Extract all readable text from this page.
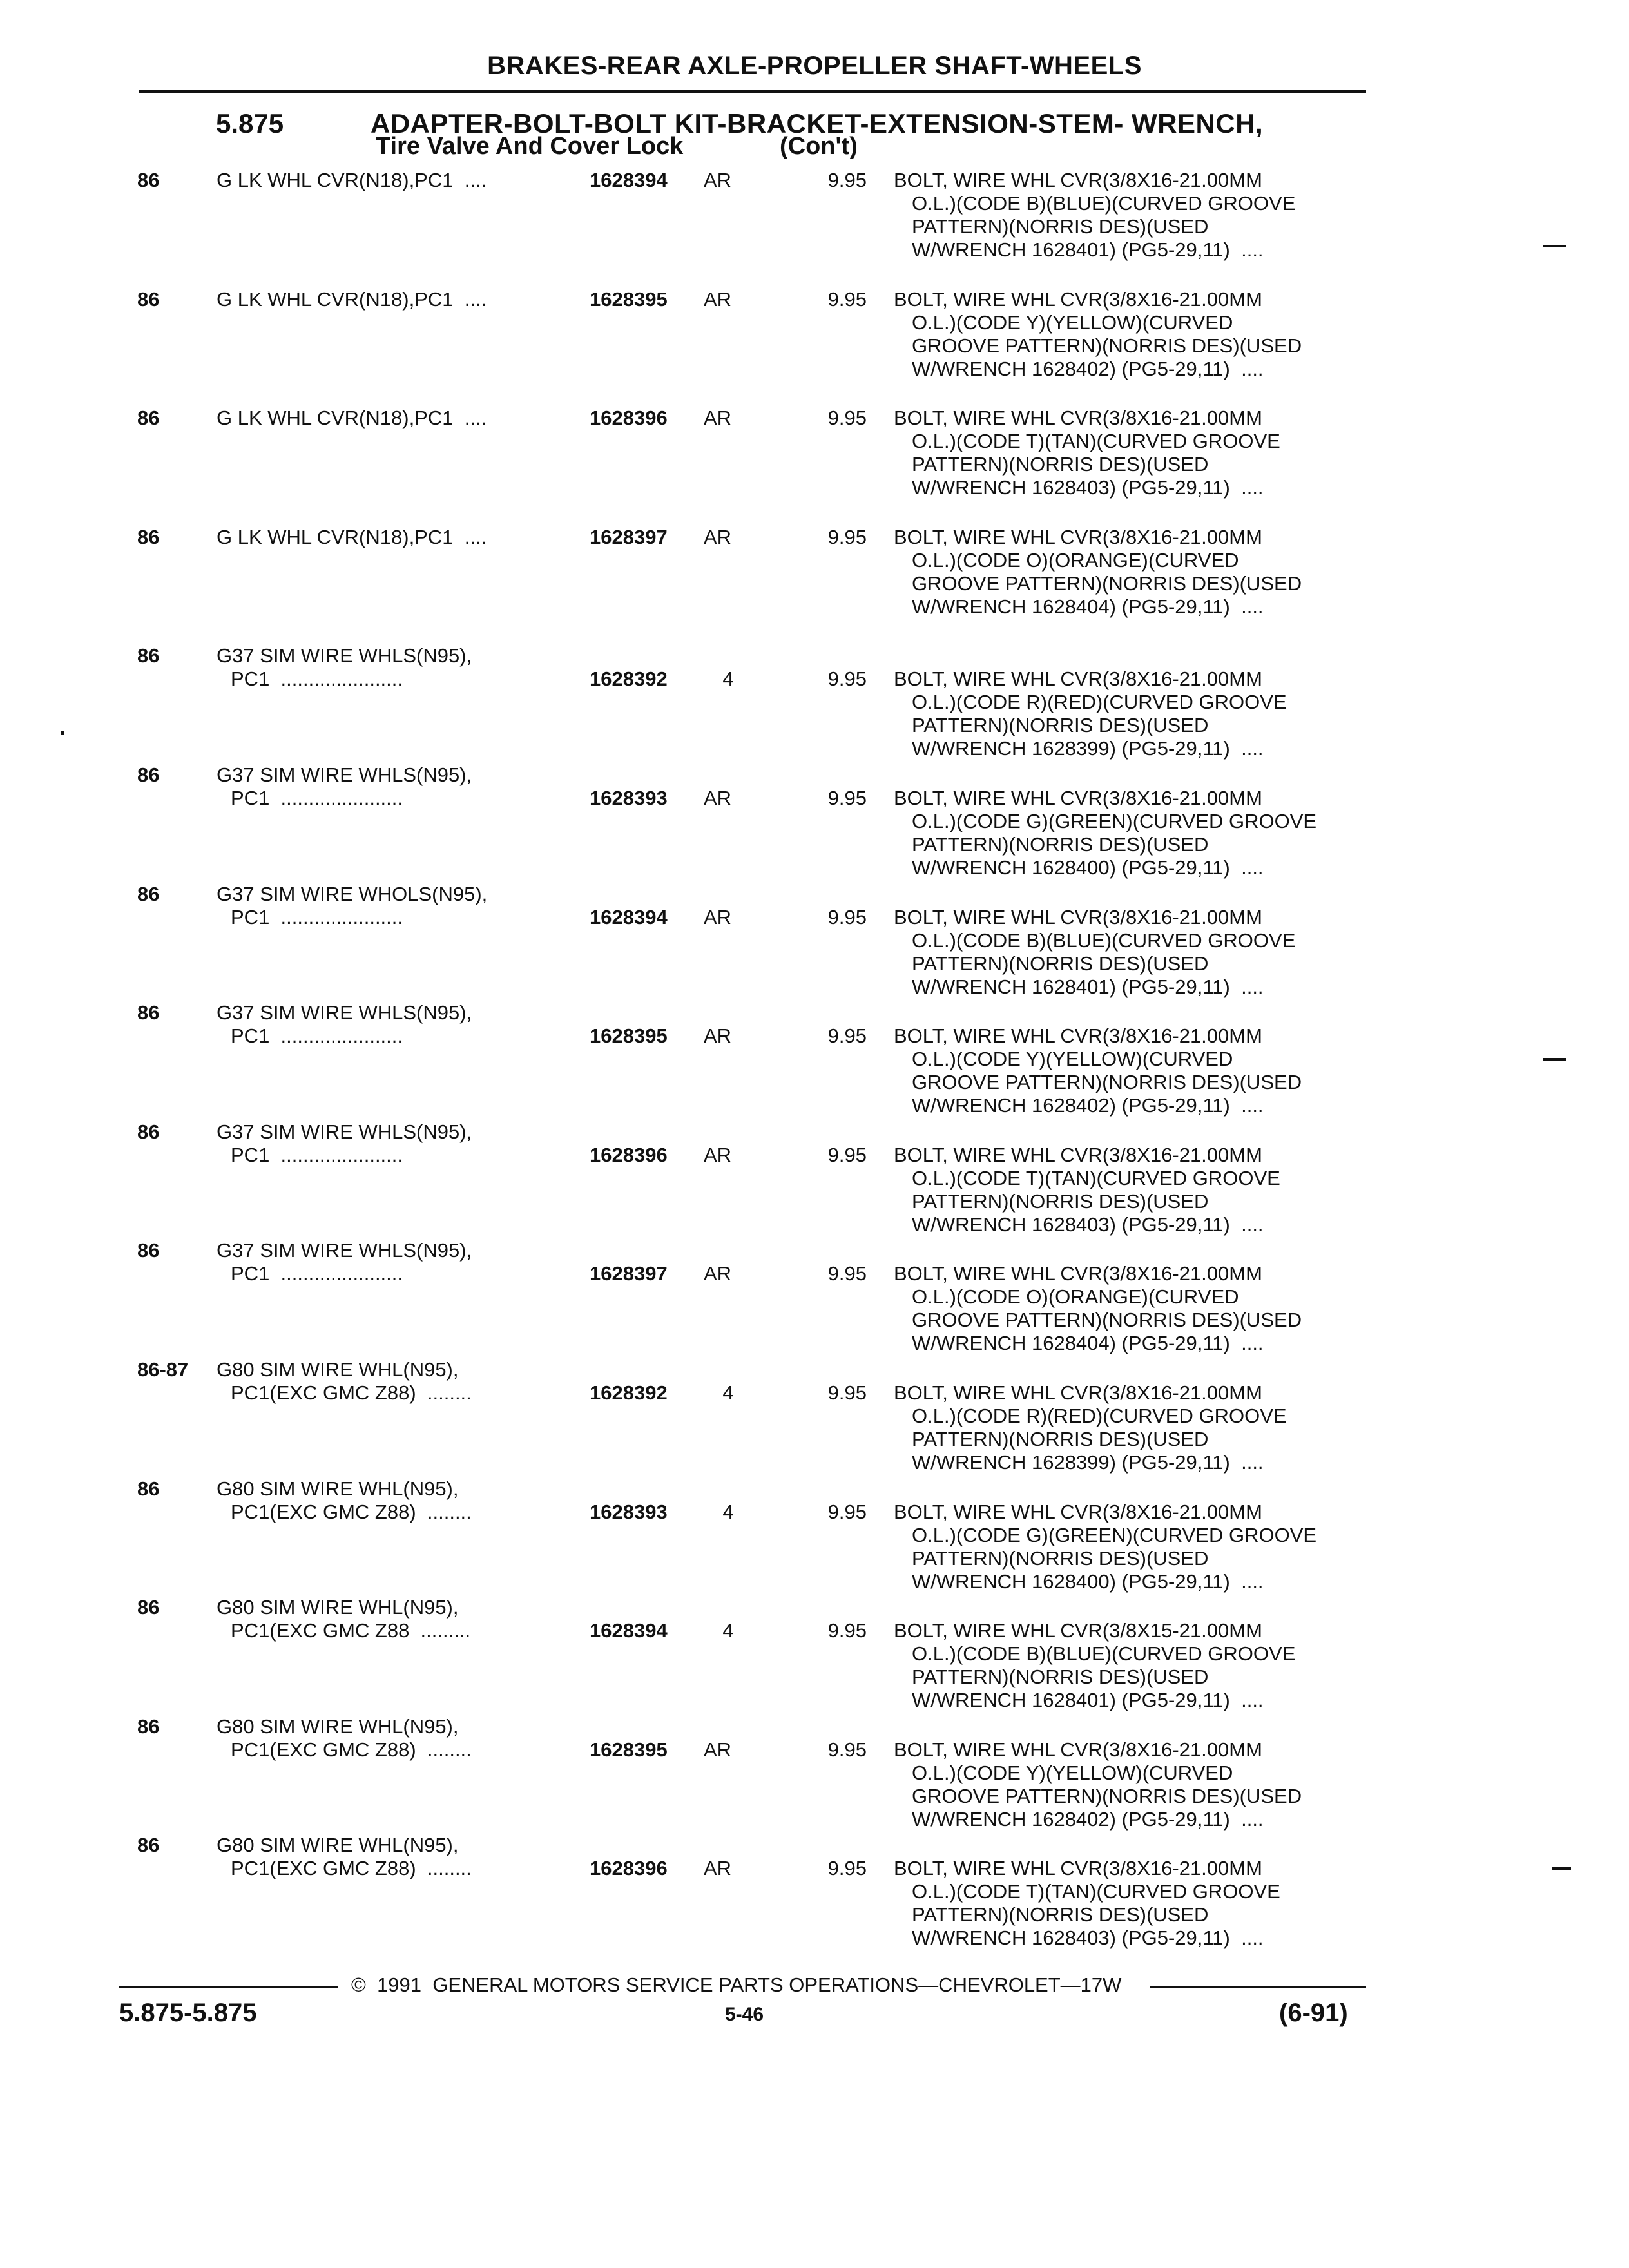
BRAKES-REAR AXLE-PROPELLER SHAFT-WHEELS
5.875	ADAPTER-BOLT-BOLT KIT-BRACKET-EXTENSION-STEM- WRENCH,
Tire Valve And Cover Lock	(Con't)
86	G LK WHL CVR(N18),PC1  ....	1628394 AR	9.95 BOLT, WIRE WHL CVR(3/8X16-21.00MM
O.L.)(CODE B)(BLUE)(CURVED GROOVE
PATTERN)(NORRIS DES)(USED
W/WRENCH 1628401) (PG5-29,11)  ....
86	G LK WHL CVR(N18),PC1  ....	1628395 AR	9.95 BOLT, WIRE WHL CVR(3/8X16-21.00MM
O.L.)(CODE Y)(YELLOW)(CURVED
GROOVE PATTERN)(NORRIS DES)(USED
W/WRENCH 1628402) (PG5-29,11)  ....
86	G LK WHL CVR(N18),PC1  ....	1628396 AR	9.95 BOLT, WIRE WHL CVR(3/8X16-21.00MM
O.L.)(CODE T)(TAN)(CURVED GROOVE
PATTERN)(NORRIS DES)(USED
W/WRENCH 1628403) (PG5-29,11)  ....
86	G LK WHL CVR(N18),PC1  ....	1628397 AR	9.95 BOLT, WIRE WHL CVR(3/8X16-21.00MM
O.L.)(CODE O)(ORANGE)(CURVED
GROOVE PATTERN)(NORRIS DES)(USED
W/WRENCH 1628404) (PG5-29,11)  ....
86	G37 SIM WIRE WHLS(N95),
PC1  ......................	1628392	4	9.95 BOLT, WIRE WHL CVR(3/8X16-21.00MM
O.L.)(CODE R)(RED)(CURVED GROOVE
PATTERN)(NORRIS DES)(USED
W/WRENCH 1628399) (PG5-29,11)  ....
86	G37 SIM WIRE WHLS(N95),
PC1  ......................	1628393 AR	9.95 BOLT, WIRE WHL CVR(3/8X16-21.00MM
O.L.)(CODE G)(GREEN)(CURVED GROOVE
PATTERN)(NORRIS DES)(USED
W/WRENCH 1628400) (PG5-29,11)  ....
86	G37 SIM WIRE WHOLS(N95),
PC1  ......................	1628394 AR	9.95 BOLT, WIRE WHL CVR(3/8X16-21.00MM
O.L.)(CODE B)(BLUE)(CURVED GROOVE
PATTERN)(NORRIS DES)(USED
W/WRENCH 1628401) (PG5-29,11)  ....
86	G37 SIM WIRE WHLS(N95),
PC1  ......................	1628395 AR	9.95 BOLT, WIRE WHL CVR(3/8X16-21.00MM
O.L.)(CODE Y)(YELLOW)(CURVED
GROOVE PATTERN)(NORRIS DES)(USED
W/WRENCH 1628402) (PG5-29,11)  ....
86	G37 SIM WIRE WHLS(N95),
PC1  ......................	1628396 AR	9.95 BOLT, WIRE WHL CVR(3/8X16-21.00MM
O.L.)(CODE T)(TAN)(CURVED GROOVE
PATTERN)(NORRIS DES)(USED
W/WRENCH 1628403) (PG5-29,11)  ....
86	G37 SIM WIRE WHLS(N95),
PC1  ......................	1628397 AR	9.95 BOLT, WIRE WHL CVR(3/8X16-21.00MM
O.L.)(CODE O)(ORANGE)(CURVED
GROOVE PATTERN)(NORRIS DES)(USED
W/WRENCH 1628404) (PG5-29,11)  ....
86-87 G80 SIM WIRE WHL(N95),
PC1(EXC GMC Z88)  ........	1628392	4	9.95 BOLT, WIRE WHL CVR(3/8X16-21.00MM
O.L.)(CODE R)(RED)(CURVED GROOVE
PATTERN)(NORRIS DES)(USED
W/WRENCH 1628399) (PG5-29,11)  ....
86	G80 SIM WIRE WHL(N95),
PC1(EXC GMC Z88)  ........	1628393	4	9.95 BOLT, WIRE WHL CVR(3/8X16-21.00MM
O.L.)(CODE G)(GREEN)(CURVED GROOVE
PATTERN)(NORRIS DES)(USED
W/WRENCH 1628400) (PG5-29,11)  ....
86	G80 SIM WIRE WHL(N95),
PC1(EXC GMC Z88  .........	1628394	4	9.95 BOLT, WIRE WHL CVR(3/8X15-21.00MM
O.L.)(CODE B)(BLUE)(CURVED GROOVE
PATTERN)(NORRIS DES)(USED
W/WRENCH 1628401) (PG5-29,11)  ....
86	G80 SIM WIRE WHL(N95),
PC1(EXC GMC Z88)  ........	1628395 AR	9.95 BOLT, WIRE WHL CVR(3/8X16-21.00MM
O.L.)(CODE Y)(YELLOW)(CURVED
GROOVE PATTERN)(NORRIS DES)(USED
W/WRENCH 1628402) (PG5-29,11)  ....
86	G80 SIM WIRE WHL(N95),
PC1(EXC GMC Z88)  ........	1628396 AR	9.95 BOLT, WIRE WHL CVR(3/8X16-21.00MM
O.L.)(CODE T)(TAN)(CURVED GROOVE
PATTERN)(NORRIS DES)(USED
W/WRENCH 1628403) (PG5-29,11)  ....
©  1991  GENERAL MOTORS SERVICE PARTS OPERATIONS—CHEVROLET—17W
5.875-5.875	5-46	(6-91)
